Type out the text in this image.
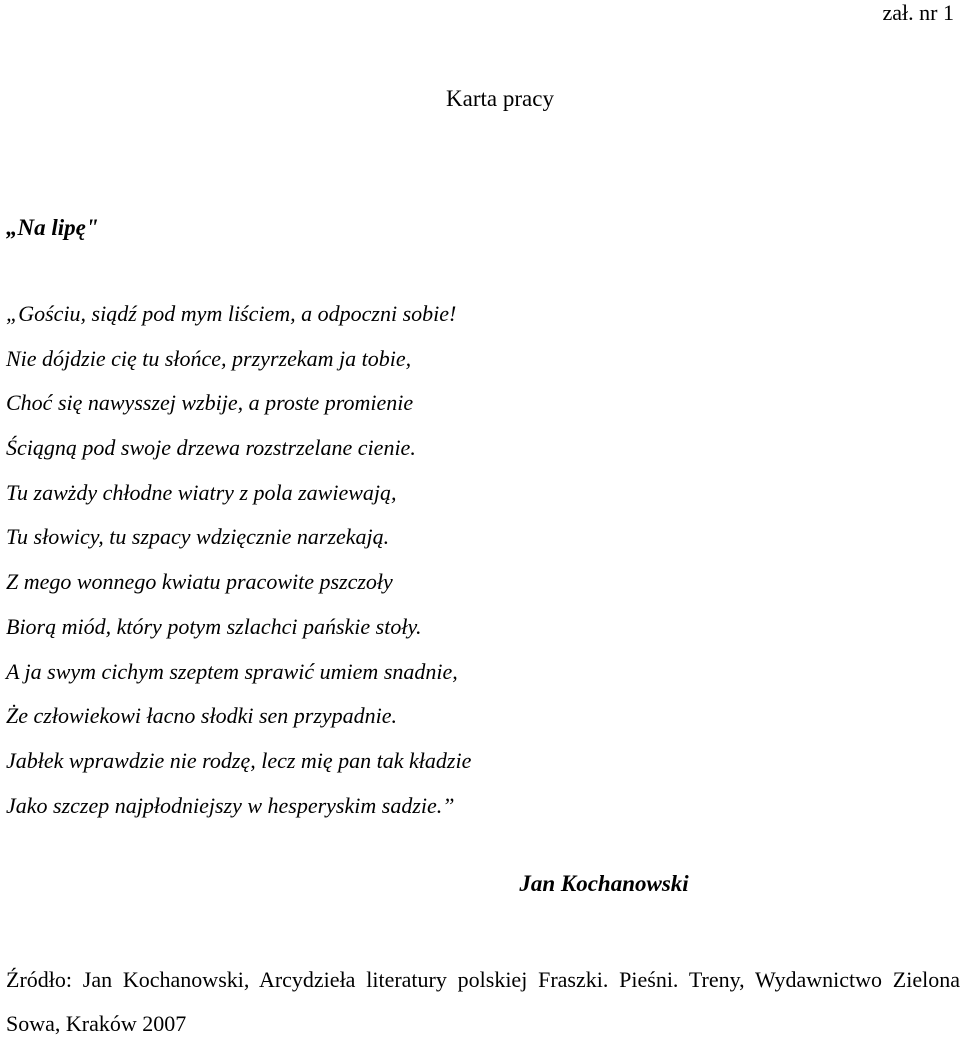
zał. nr 1
Karta pracy
„Na lipę"
„Gościu, siądź pod mym liściem, a odpoczni sobie!
Nie dójdzie cię tu słońce, przyrzekam ja tobie,
Choć się nawysszej wzbije, a proste promienie
Ściągną pod swoje drzewa rozstrzelane cienie.
Tu zawżdy chłodne wiatry z pola zawiewają,
Tu słowicy, tu szpacy wdzięcznie narzekają.
Z mego wonnego kwiatu pracowite pszczoły
Biorą miód, który potym szlachci pańskie stoły.
A ja swym cichym szeptem sprawić umiem snadnie,
Że człowiekowi łacno słodki sen przypadnie.
Jabłek wprawdzie nie rodzę, lecz mię pan tak kładzie
Jako szczep najpłodniejszy w hesperyskim sadzie.”
Jan Kochanowski
Źródło: Jan Kochanowski, Arcydzieła literatury polskiej Fraszki. Pieśni. Treny, Wydawnictwo Zielona Sowa, Kraków 2007
